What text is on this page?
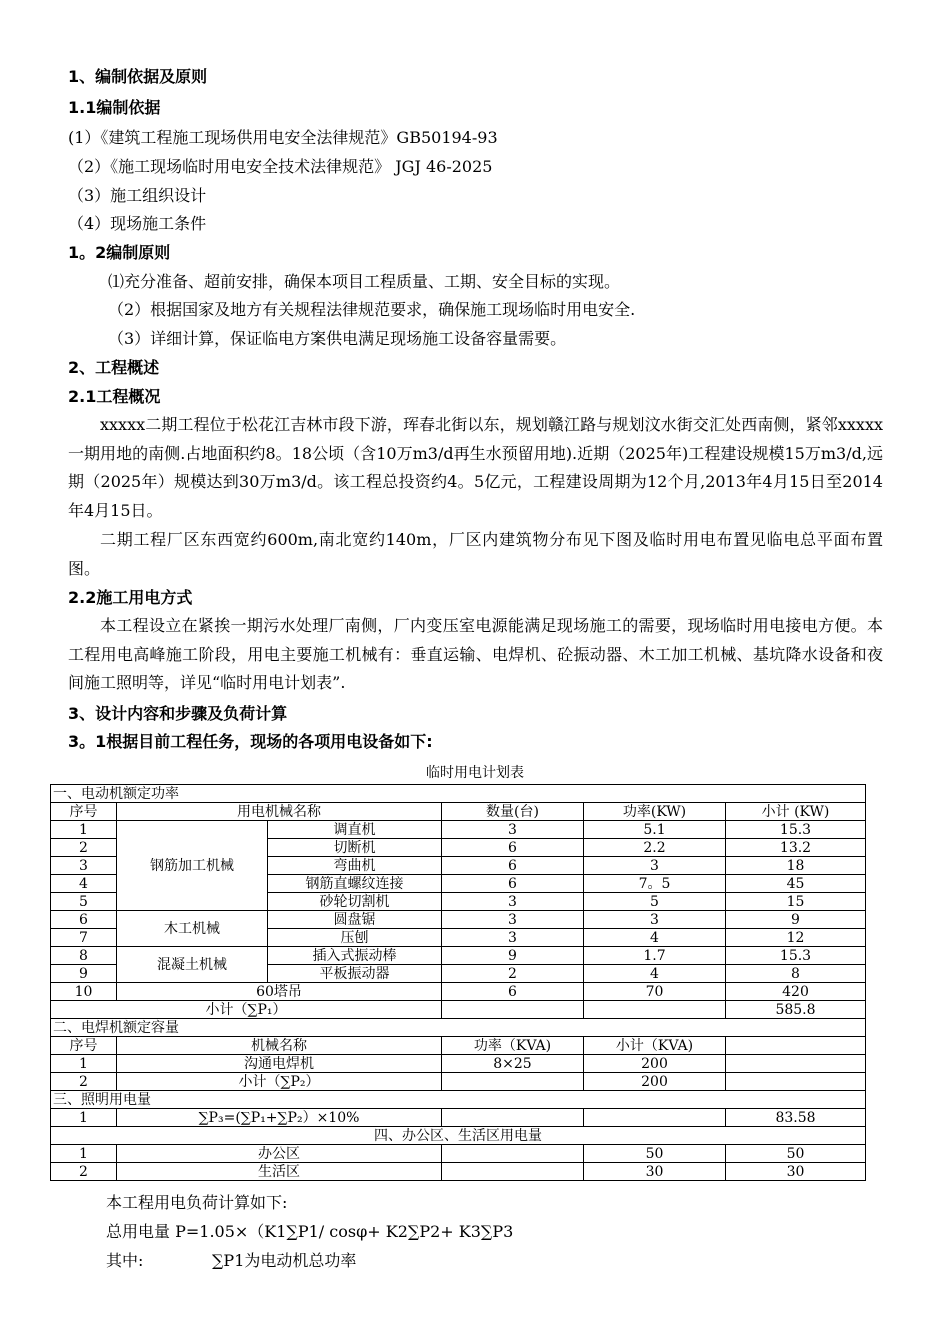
1、编制依据及原则
1.1编制依据
(1）《建筑工程施工现场供用电安全法律规范》GB50194-93
（2）《施工现场临时用电安全技术法律规范》 JGJ 46-2025
（3）施工组织设计
（4）现场施工条件
1。2编制原则
⑴充分准备、超前安排，确保本项目工程质量、工期、安全目标的实现。
（2）根据国家及地方有关规程法律规范要求，确保施工现场临时用电安全.
（3）详细计算，保证临电方案供电满足现场施工设备容量需要。
2、工程概述
2.1工程概况
xxxxx二期工程位于松花江吉林市段下游，珲春北街以东，规划赣江路与规划汶水街交汇处西南侧，紧邻xxxxx一期用地的南侧.占地面积约8。18公顷（含10万m3/d再生水预留用地).近期（2025年)工程建设规模15万m3/d,远期（2025年）规模达到30万m3/d。该工程总投资约4。5亿元，工程建设周期为12个月,2013年4月15日至2014年4月15日。
二期工程厂区东西宽约600m,南北宽约140m，厂区内建筑物分布见下图及临时用电布置见临电总平面布置图。
2.2施工用电方式
本工程设立在紧挨一期污水处理厂南侧，厂内变压室电源能满足现场施工的需要，现场临时用电接电方便。本工程用电高峰施工阶段，用电主要施工机械有：垂直运输、电焊机、砼振动器、木工加工机械、基坑降水设备和夜间施工照明等，详见“临时用电计划表”.
3、设计内容和步骤及负荷计算
3。1根据目前工程任务，现场的各项用电设备如下:
临时用电计划表
一、电动机额定功率					
序号	用电机械名称		数量(台)	功率(KW)	小计 (KW)
1	钢筋加工机械	调直机	3	5.1	15.3
2		切断机	6	2.2	13.2
3		弯曲机	6	3	18
4		钢筋直螺纹连接	6	7。5	45
5		砂轮切割机	3	5	15
6	木工机械	圆盘锯	3	3	9
7		压刨	3	4	12
8	混凝土机械	插入式振动棒	9	1.7	15.3
9		平板振动器	2	4	8
10	60塔吊		6	70	420
小计（∑P₁）					585.8
二、电焊机额定容量					
序号	机械名称		功率（KVA)	小计（KVA)	
1	沟通电焊机		8×25	200	
2	小计（∑P₂）			200	
三、照明用电量					
1	∑P₃=(∑P₁+∑P₂）×10%				83.58
四、办公区、生活区用电量					
1	办公区			50	50
2	生活区			30	30
本工程用电负荷计算如下:
总用电量 P=1.05×（K1∑P1/ cosφ+ K2∑P2+ K3∑P3
其中:	∑P1为电动机总功率
